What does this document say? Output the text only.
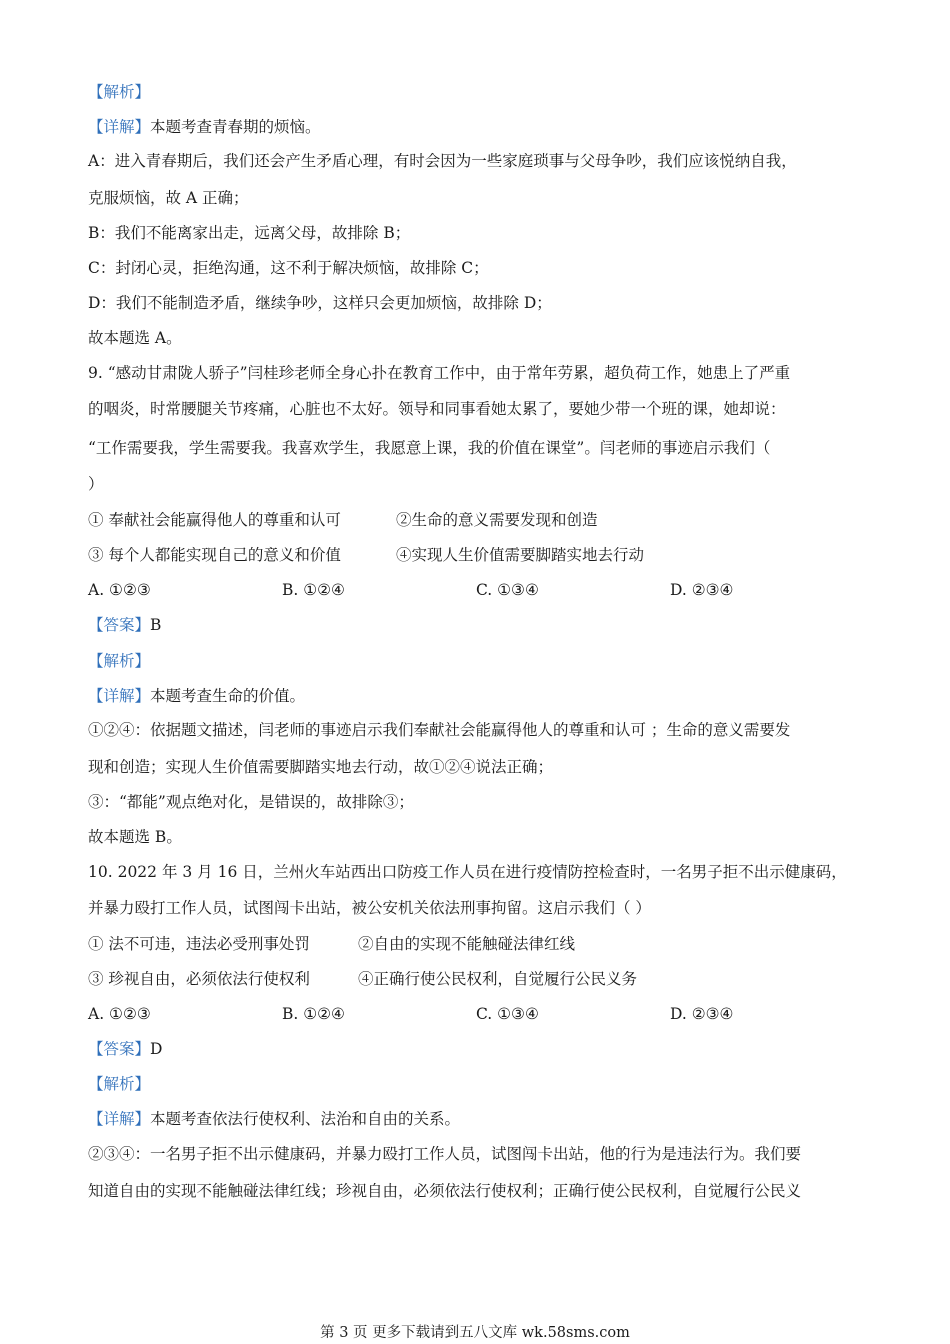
【解析】
【详解】本题考查青春期的烦恼。
A：进入青春期后，我们还会产生矛盾心理，有时会因为一些家庭琐事与父母争吵，我们应该悦纳自我，
克服烦恼，故 A 正确；
B：我们不能离家出走，远离父母，故排除 B；
C：封闭心灵，拒绝沟通，这不利于解决烦恼，故排除 C；
D：我们不能制造矛盾，继续争吵，这样只会更加烦恼，故排除 D；
故本题选 A。
9. “感动甘肃陇人骄子”闫桂珍老师全身心扑在教育工作中，由于常年劳累，超负荷工作，她患上了严重
的咽炎，时常腰腿关节疼痛，心脏也不太好。领导和同事看她太累了，要她少带一个班的课，她却说：
“工作需要我，学生需要我。我喜欢学生，我愿意上课，我的价值在课堂”。闫老师的事迹启示我们（
）
① 奉献社会能赢得他人的尊重和认可	②生命的意义需要发现和创造
③ 每个人都能实现自己的意义和价值	④实现人生价值需要脚踏实地去行动
A. ①②③	B. ①②④	C. ①③④	D. ②③④
【答案】B
【解析】
【详解】本题考查生命的价值。
①②④：依据题文描述，闫老师的事迹启示我们奉献社会能赢得他人的尊重和认可 ；生命的意义需要发
现和创造；实现人生价值需要脚踏实地去行动，故①②④说法正确；
③：“都能”观点绝对化，是错误的，故排除③；
故本题选 B。
10. 2022 年 3 月 16 日，兰州火车站西出口防疫工作人员在进行疫情防控检查时，一名男子拒不出示健康码，
并暴力殴打工作人员，试图闯卡出站，被公安机关依法刑事拘留。这启示我们（ ）
① 法不可违，违法必受刑事处罚	②自由的实现不能触碰法律红线
③ 珍视自由，必须依法行使权利	④正确行使公民权利，自觉履行公民义务
A. ①②③	B. ①②④	C. ①③④	D. ②③④
【答案】D
【解析】
【详解】本题考查依法行使权利、法治和自由的关系。
②③④：一名男子拒不出示健康码，并暴力殴打工作人员，试图闯卡出站，他的行为是违法行为。我们要
知道自由的实现不能触碰法律红线；珍视自由，必须依法行使权利；正确行使公民权利，自觉履行公民义
第 3 页 更多下载请到五八文库 wk.58sms.com
